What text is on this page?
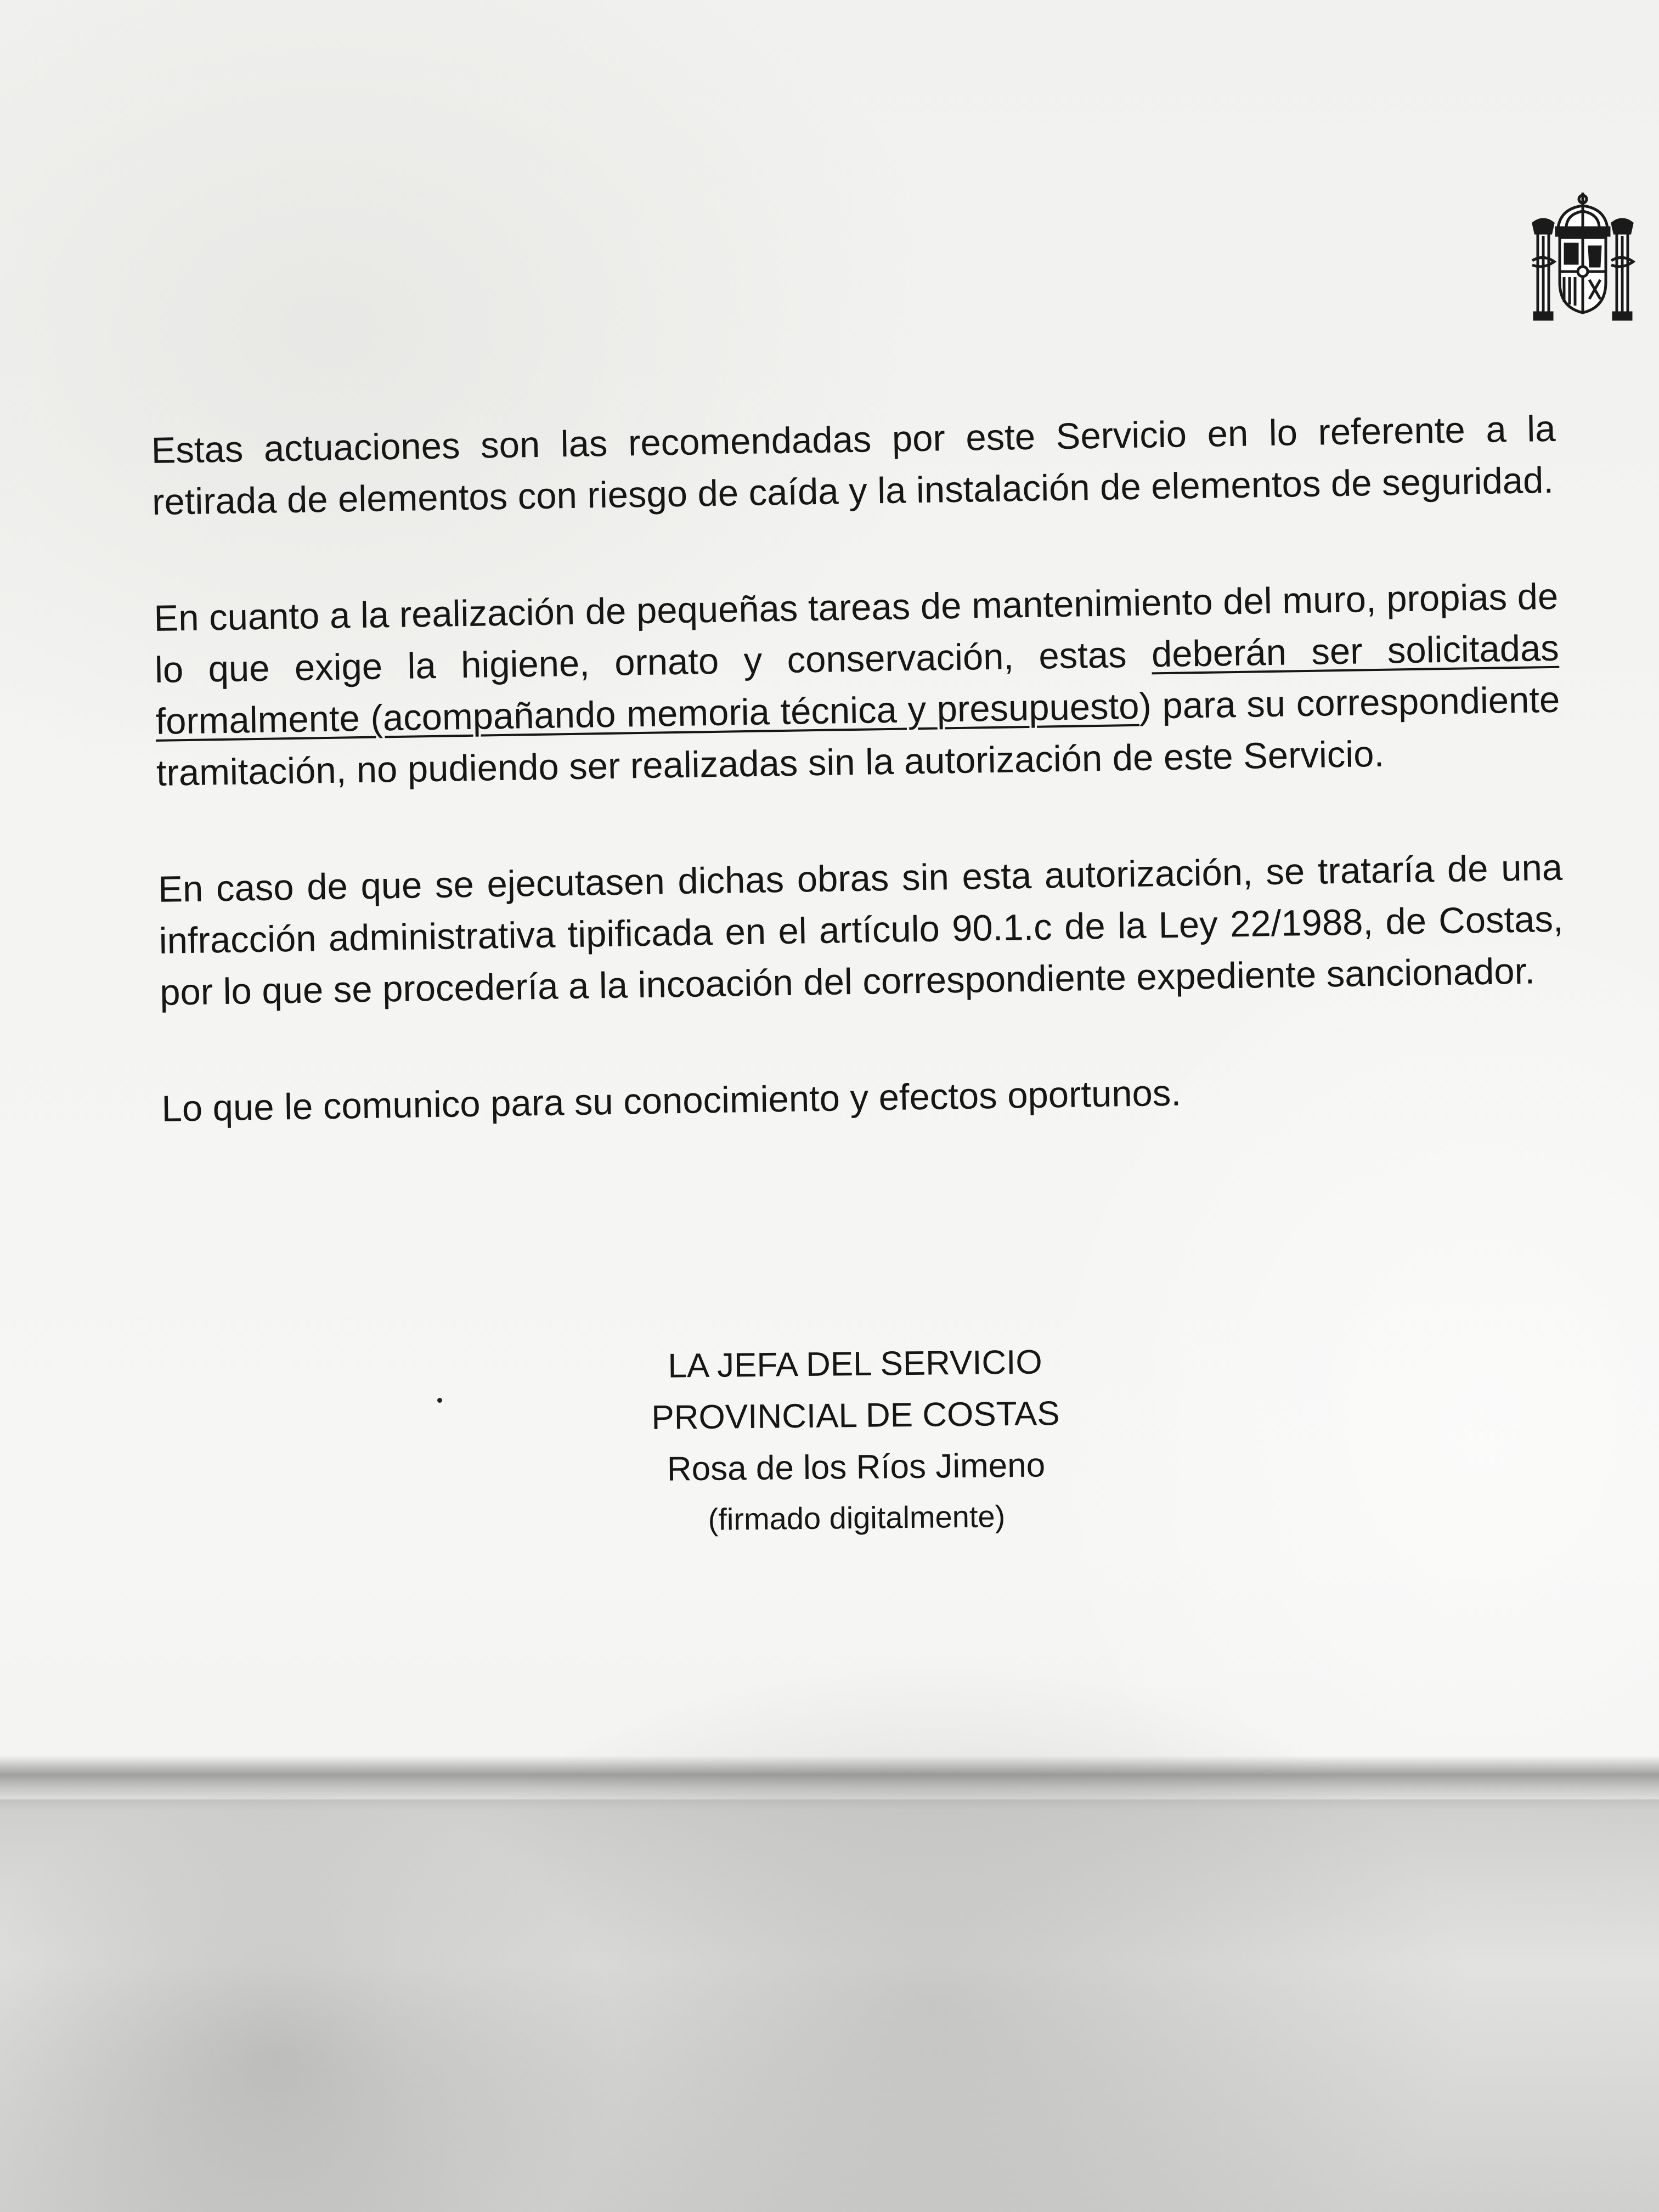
Estas actuaciones son las recomendadas por este Servicio en lo referente a la retirada de elementos con riesgo de caída y la instalación de elementos de seguridad.

En cuanto a la realización de pequeñas tareas de mantenimiento del muro, propias de lo que exige la higiene, ornato y conservación, estas deberán ser solicitadas formalmente (acompañando memoria técnica y presupuesto) para su correspondiente tramitación, no pudiendo ser realizadas sin la autorización de este Servicio.

En caso de que se ejecutasen dichas obras sin esta autorización, se trataría de una infracción administrativa tipificada en el artículo 90.1.c de la Ley 22/1988, de Costas, por lo que se procedería a la incoación del correspondiente expediente sancionador.

Lo que le comunico para su conocimiento y efectos oportunos.

LA JEFA DEL SERVICIO
PROVINCIAL DE COSTAS
Rosa de los Ríos Jimeno
(firmado digitalmente)
